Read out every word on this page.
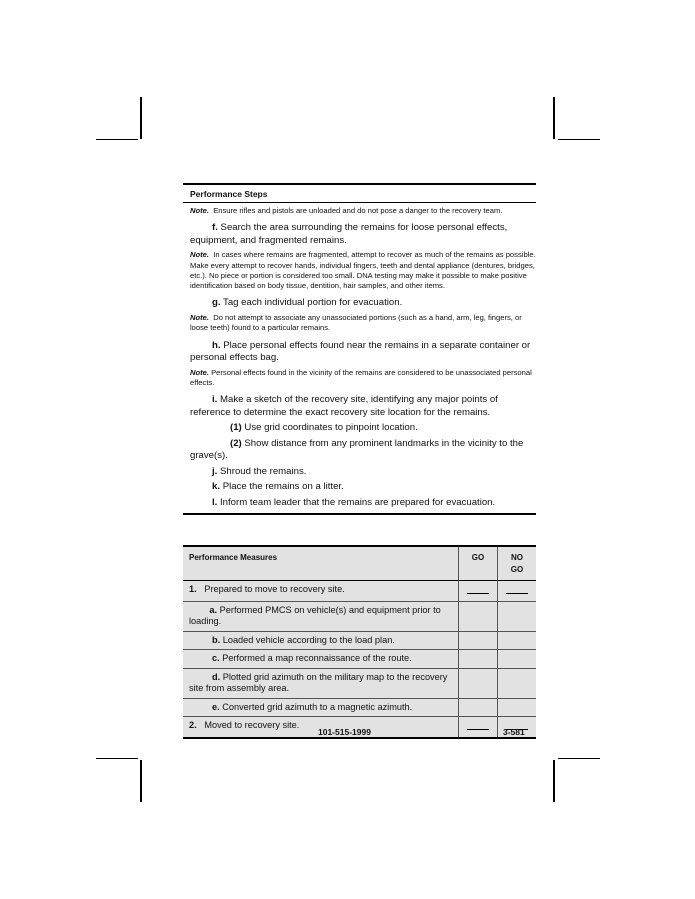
Performance Steps
Note. Ensure rifles and pistols are unloaded and do not pose a danger to the recovery team.
f. Search the area surrounding the remains for loose personal effects, equipment, and fragmented remains.
Note. In cases where remains are fragmented, attempt to recover as much of the remains as possible. Make every attempt to recover hands, individual fingers, teeth and dental appliance (dentures, bridges, etc.). No piece or portion is considered too small. DNA testing may make it possible to make positive identification based on body tissue, dentition, hair samples, and other items.
g. Tag each individual portion for evacuation.
Note. Do not attempt to associate any unassociated portions (such as a hand, arm, leg, fingers, or loose teeth) found to a particular remains.
h. Place personal effects found near the remains in a separate container or personal effects bag.
Note. Personal effects found in the vicinity of the remains are considered to be unassociated personal effects.
i. Make a sketch of the recovery site, identifying any major points of reference to determine the exact recovery site location for the remains.
(1) Use grid coordinates to pinpoint location.
(2) Show distance from any prominent landmarks in the vicinity to the grave(s).
j. Shroud the remains.
k. Place the remains on a litter.
l. Inform team leader that the remains are prepared for evacuation.
Performance Measures	GO	NO GO
1. Prepared to move to recovery site.		
a. Performed PMCS on vehicle(s) and equipment prior to loading.		
b. Loaded vehicle according to the load plan.		
c. Performed a map reconnaissance of the route.		
d. Plotted grid azimuth on the military map to the recovery site from assembly area.		
e. Converted grid azimuth to a magnetic azimuth.		
2. Moved to recovery site.		
101-515-1999	3-581
